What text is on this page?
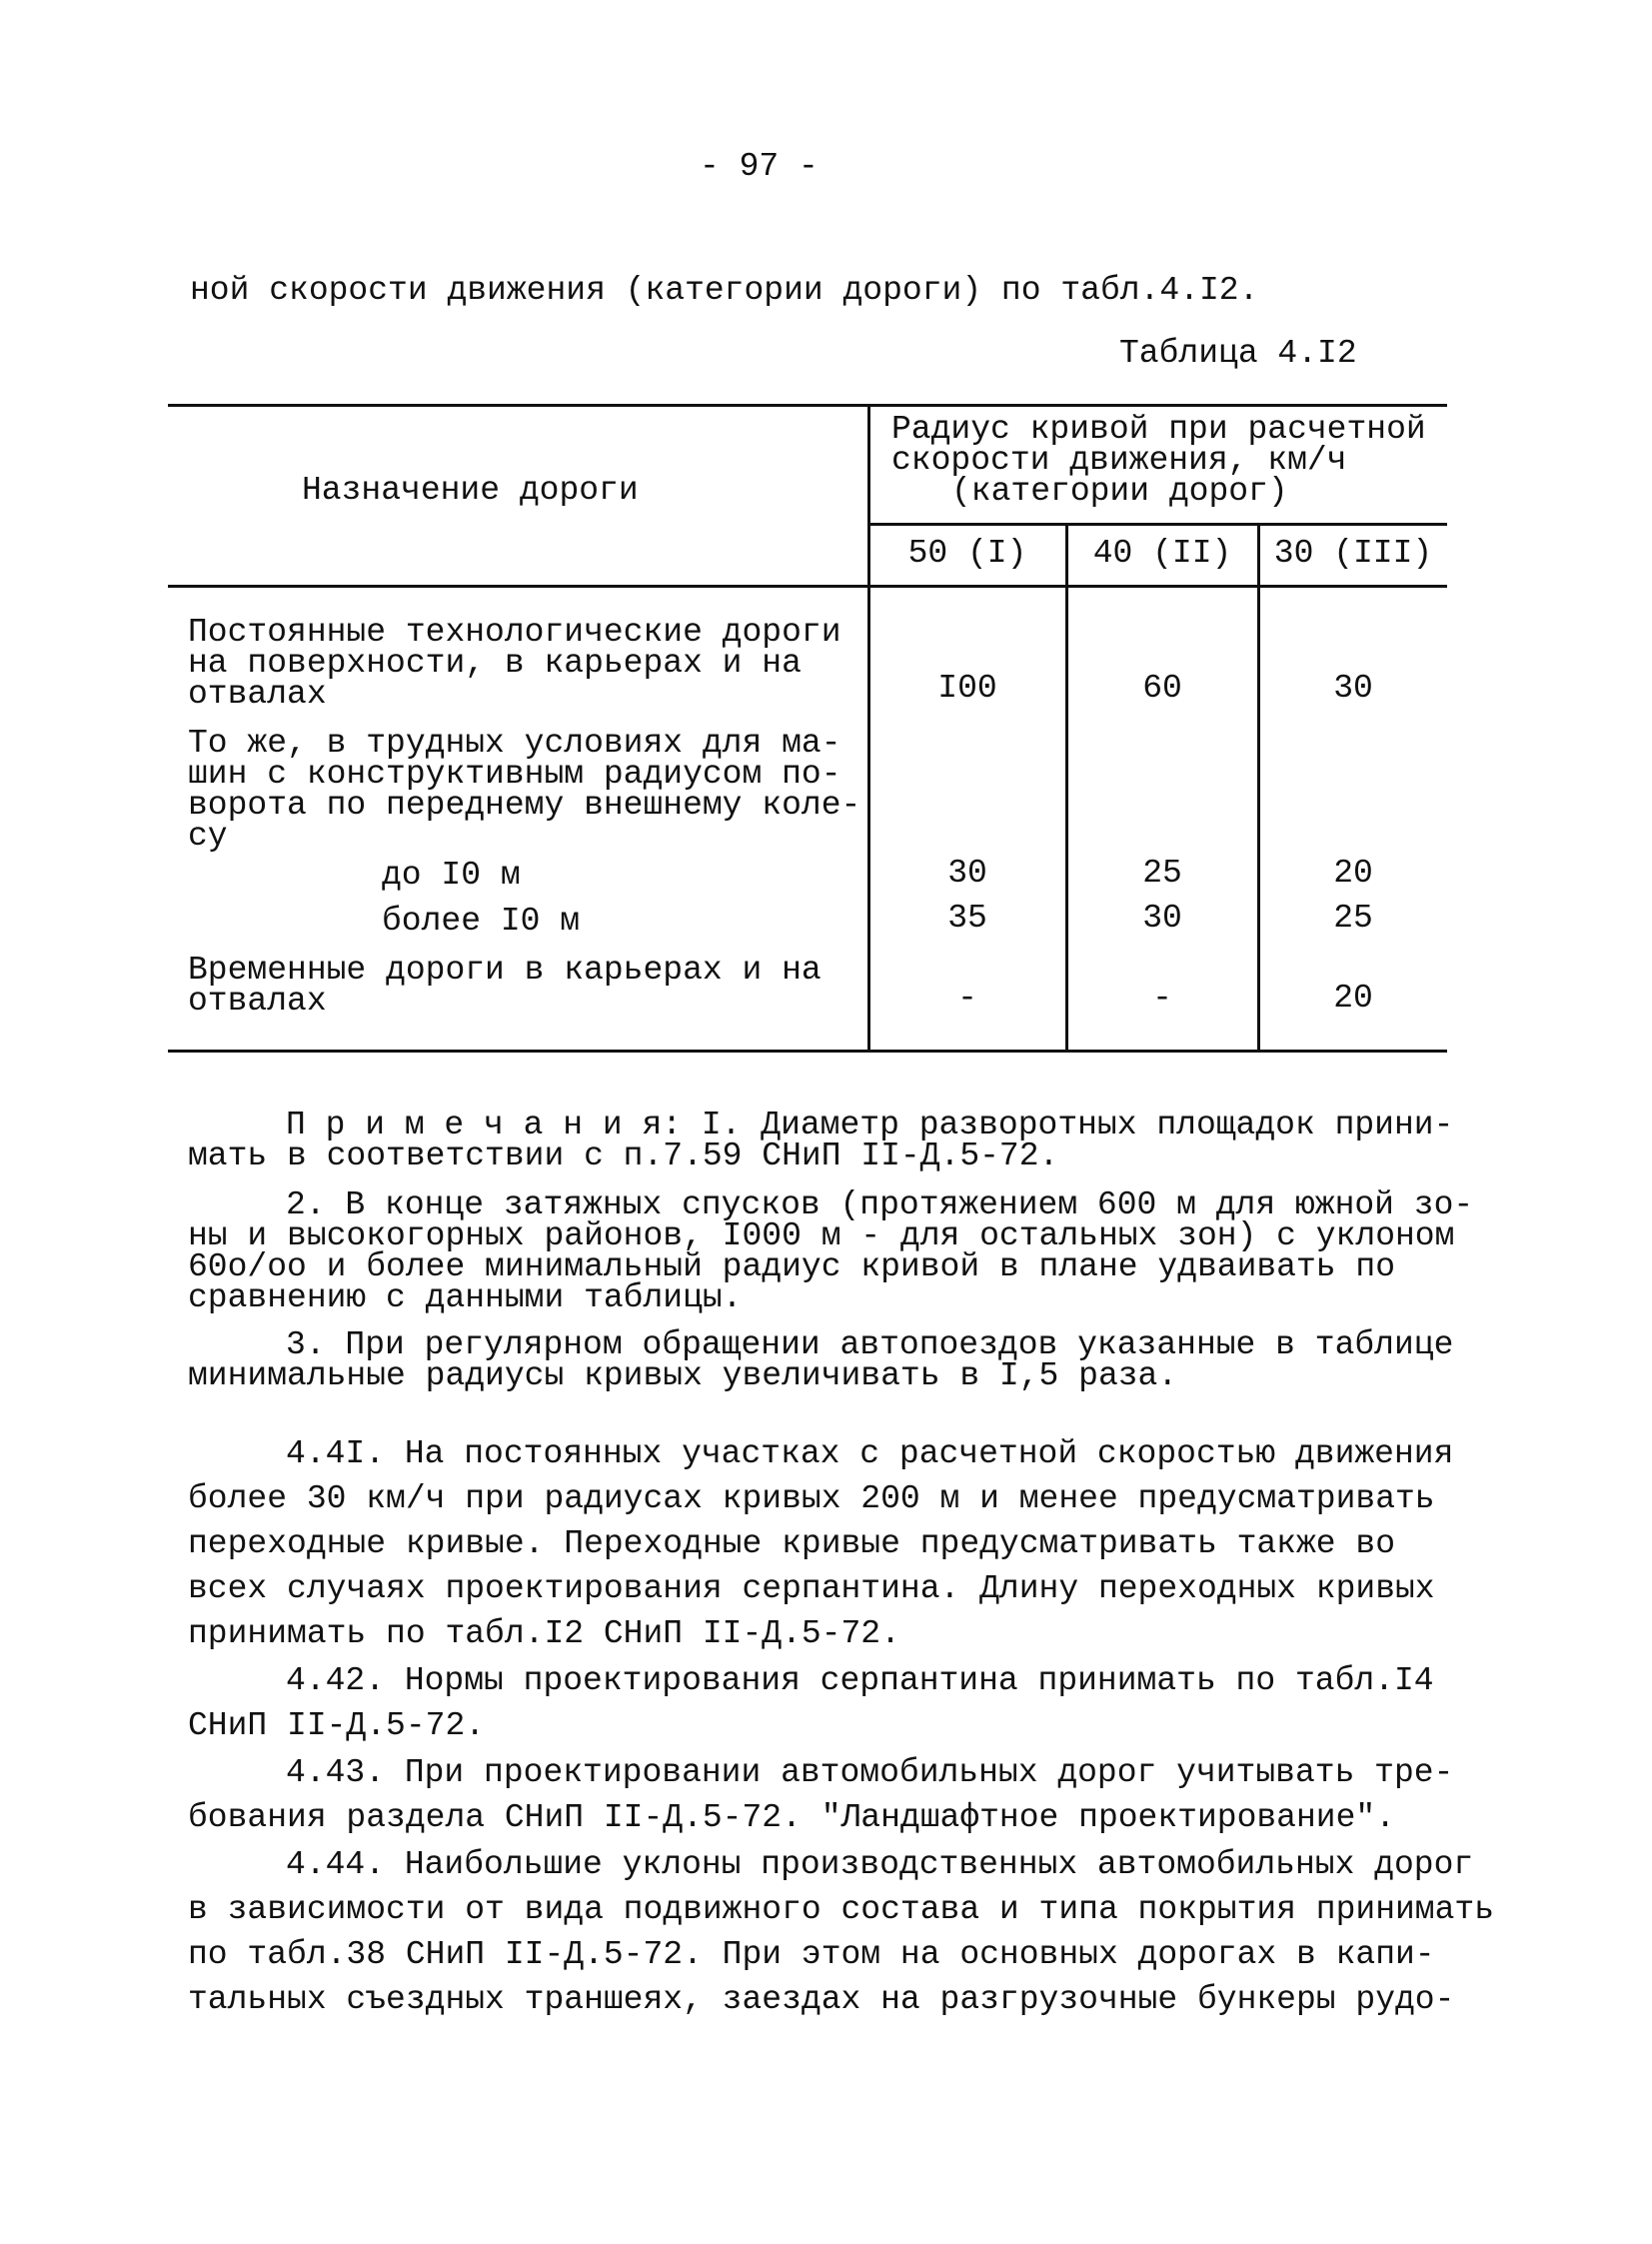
- 97 -
ной скорости движения (категории дороги) по табл.4.I2.
Таблица 4.I2
Назначение дороги
Радиус кривой при расчетной
скорости движения, км/ч
(категории дорог)
50 (I)	40 (II)	30 (III)
Постоянные технологические дороги
на поверхности, в карьерах и на
отвалах	I00	60	30
То же, в трудных условиях для ма-
шин с конструктивным радиусом по-
ворота по переднему внешнему коле-
су
до I0 м	30	25	20
более I0 м	35	30	25
Временные дороги в карьерах и на
отвалах	-	-	20
П р и м е ч а н и я: I. Диаметр разворотных площадок прини-
мать в соответствии с п.7.59 СНиП II-Д.5-72.
2. В конце затяжных спусков (протяжением 600 м для южной зо-
ны и высокогорных районов, I000 м - для остальных зон) с уклоном
60о/оо и более минимальный радиус кривой в плане удваивать по
сравнению с данными таблицы.
3. При регулярном обращении автопоездов указанные в таблице
минимальные радиусы кривых увеличивать в I,5 раза.
4.4I. На постоянных участках с расчетной скоростью движения
более 30 км/ч при радиусах кривых 200 м и менее предусматривать
переходные кривые. Переходные кривые предусматривать также во
всех случаях проектирования серпантина. Длину переходных кривых
принимать по табл.I2 СНиП II-Д.5-72.
4.42. Нормы проектирования серпантина принимать по табл.I4
СНиП II-Д.5-72.
4.43. При проектировании автомобильных дорог учитывать тре-
бования раздела СНиП II-Д.5-72. "Ландшафтное проектирование".
4.44. Наибольшие уклоны производственных автомобильных дорог
в зависимости от вида подвижного состава и типа покрытия принимать
по табл.38 СНиП II-Д.5-72. При этом на основных дорогах в капи-
тальных съездных траншеях, заездах на разгрузочные бункеры рудо-
